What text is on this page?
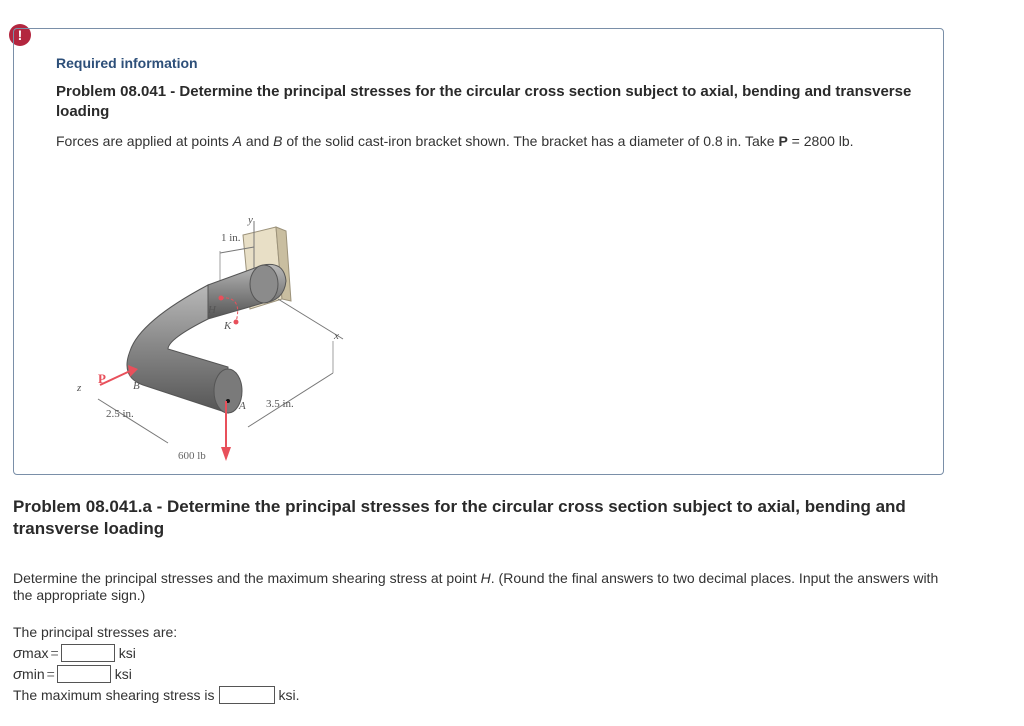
!
Required information
Problem 08.041 - Determine the principal stresses for the circular cross section subject to axial, bending and transverse loading
Forces are applied at points A and B of the solid cast-iron bracket shown. The bracket has a diameter of 0.8 in. Take P = 2800 lb.
y
x
1 in.
H
K
A
600 lb
P B
z
2.5 in.
3.5 in.
Problem 08.041.a - Determine the principal stresses for the circular cross section subject to axial, bending and transverse loading
Determine the principal stresses and the maximum shearing stress at point H. (Round the final answers to two decimal places. Input the answers with the appropriate sign.)
The principal stresses are:
σ max =	ksi
σ min =	ksi
The maximum shearing stress is	ksi.
